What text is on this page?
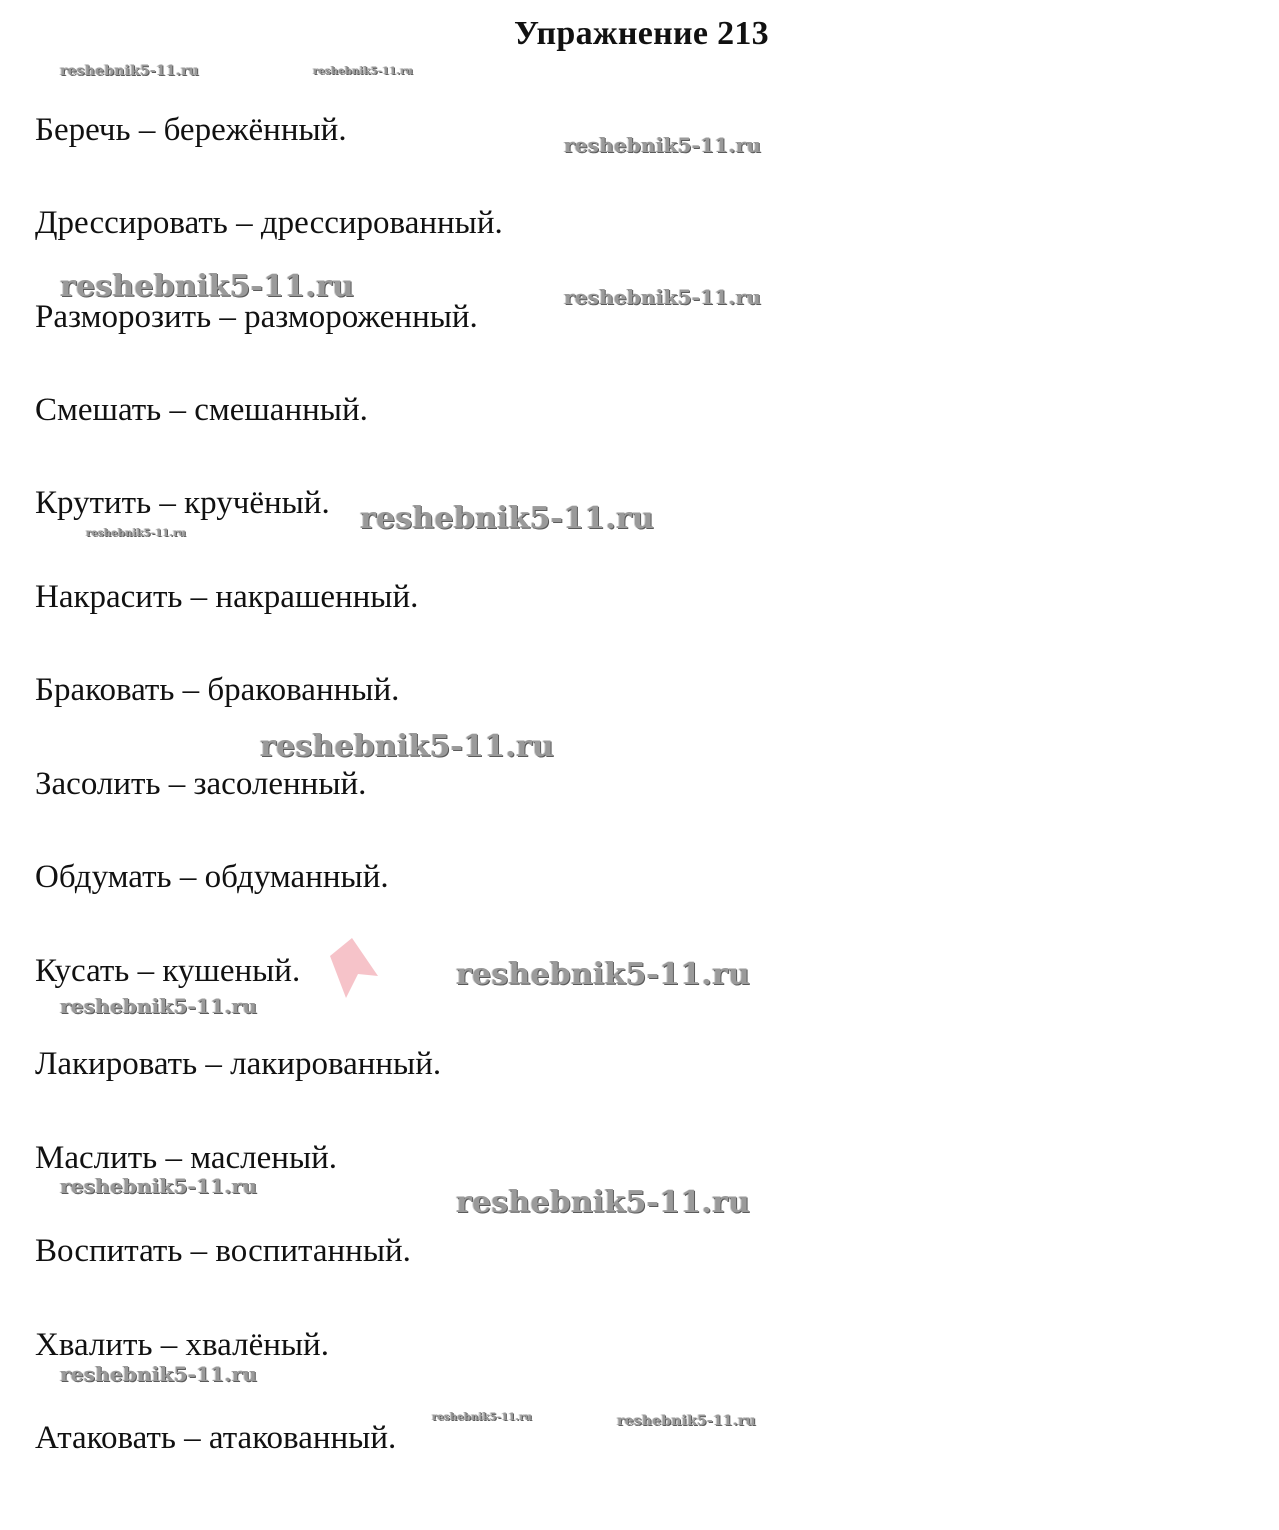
Упражнение 213
Беречь – бережённый.
Дрессировать – дрессированный.
Разморозить – размороженный.
Смешать – смешанный.
Крутить – кручёный.
Накрасить – накрашенный.
Браковать – бракованный.
Засолить – засоленный.
Обдумать – обдуманный.
Кусать – кушеный.
Лакировать – лакированный.
Маслить – масленый.
Воспитать – воспитанный.
Хвалить – хвалёный.
Атаковать – атакованный.
reshebnik5-11.ru	reshebnik5-11.ru
reshebnik5-11.ru
reshebnik5-11.ru	reshebnik5-11.ru
reshebnik5-11.ru
reshebnik5-11.ru
reshebnik5-11.ru
reshebnik5-11.ru
reshebnik5-11.ru
reshebnik5-11.ru	reshebnik5-11.ru
reshebnik5-11.ru
reshebnik5-11.ru	reshebnik5-11.ru
